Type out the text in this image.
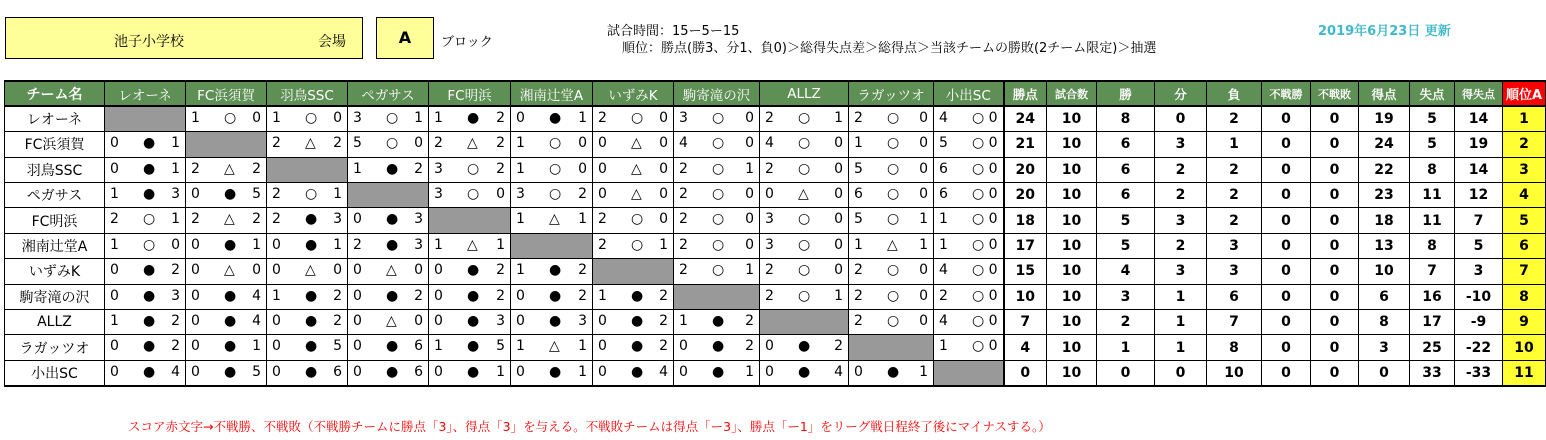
池子小学校	会場	A	ブロック
試合時間：15ー5ー15
順位：勝点(勝3、分1、負0)＞総得失点差＞総得点＞当該チームの勝敗(2チーム限定)＞抽選
2019年6月23日 更新
チーム名	レオーネ	FC浜須賀	羽鳥SSC	ペガサス	FC明浜	湘南辻堂A	いずみK	駒寄滝の沢	ALLZ	ラガッツオ	小出SC	勝点	試合数	勝	分	負	不戦勝	不戦敗	得点	失点	得失点	順位A
レオーネ		1 ○ 0	1 ○ 0	3 ○ 1	1 ● 2	0 ● 1	2 ○ 0	3 ○ 0	2 ○ 1	2 ○ 0	4 ○ 0	24	10	8	0	2	0	0	19	5	14	1
FC浜須賀	0 ● 1		2 △ 2	5 ○ 0	2 △ 2	1 ○ 0	0 △ 0	4 ○ 0	4 ○ 0	1 ○ 0	5 ○ 0	21	10	6	3	1	0	0	24	5	19	2
羽鳥SSC	0 ● 1	2 △ 2		1 ● 2	3 ○ 2	1 ○ 0	0 △ 0	2 ○ 1	2 ○ 0	5 ○ 0	6 ○ 0	20	10	6	2	2	0	0	22	8	14	3
ペガサス	1 ● 3	0 ● 5	2 ○ 1		3 ○ 0	3 ○ 2	0 △ 0	2 ○ 0	0 △ 0	6 ○ 0	6 ○ 0	20	10	6	2	2	0	0	23	11	12	4
FC明浜	2 ○ 1	2 △ 2	2 ● 3	0 ● 3		1 △ 1	2 ○ 0	2 ○ 0	3 ○ 0	5 ○ 1	1 ○ 0	18	10	5	3	2	0	0	18	11	7	5
湘南辻堂A	1 ○ 0	0 ● 1	0 ● 1	2 ● 3	1 △ 1		2 ○ 1	2 ○ 0	3 ○ 0	1 △ 1	1 ○ 0	17	10	5	2	3	0	0	13	8	5	6
いずみK	0 ● 2	0 △ 0	0 △ 0	0 △ 0	0 ● 2	1 ● 2		2 ○ 1	2 ○ 0	2 ○ 0	4 ○ 0	15	10	4	3	3	0	0	10	7	3	7
駒寄滝の沢	0 ● 3	0 ● 4	1 ● 2	0 ● 2	0 ● 2	0 ● 2	1 ● 2		2 ○ 1	2 ○ 0	2 ○ 0	10	10	3	1	6	0	0	6	16	-10	8
ALLZ	1 ● 2	0 ● 4	0 ● 2	0 △ 0	0 ● 3	0 ● 3	0 ● 2	1 ● 2		2 ○ 0	4 ○ 0	7	10	2	1	7	0	0	8	17	-9	9
ラガッツオ	0 ● 2	0 ● 1	0 ● 5	0 ● 6	1 ● 5	1 △ 1	0 ● 2	0 ● 2	0 ● 2		1 ○ 0	4	10	1	1	8	0	0	3	25	-22	10
小出SC	0 ● 4	0 ● 5	0 ● 6	0 ● 6	0 ● 1	0 ● 1	0 ● 4	0 ● 1	0 ● 4	0 ● 1		0	10	0	0	10	0	0	0	33	-33	11
スコア赤文字→不戦勝、不戦敗（不戦勝チームに勝点「3」、得点「3」を与える。不戦敗チームは得点「ー3」、勝点「ー1」をリーグ戦日程終了後にマイナスする。）
